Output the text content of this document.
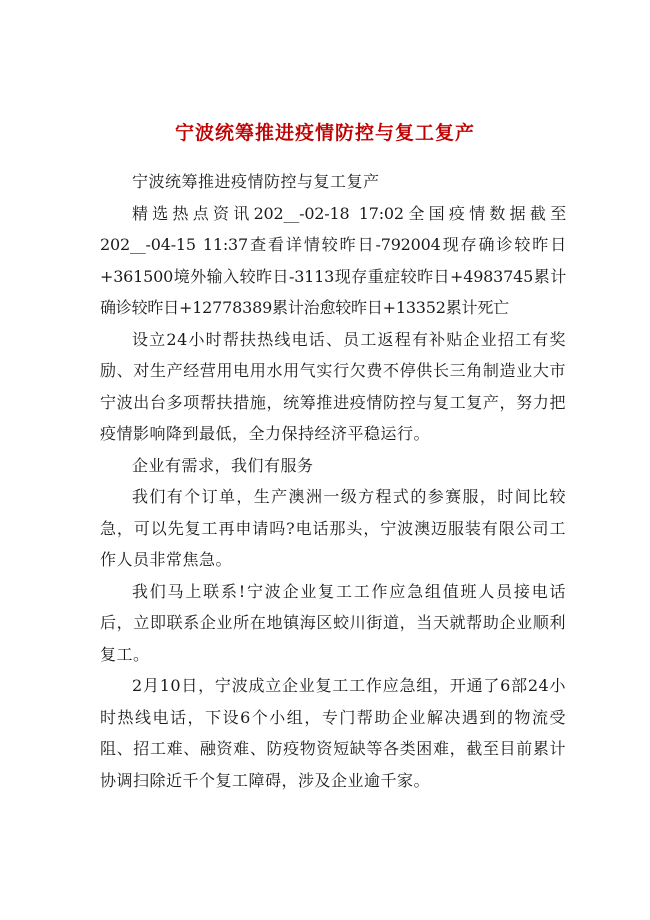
宁波统筹推进疫情防控与复工复产

宁波统筹推进疫情防控与复工复产

精选热点资讯202__-02-18 17:02全国疫情数据截至202__-04-15 11:37查看详情较昨日-792004现存确诊较昨日+361500境外输入较昨日-3113现存重症较昨日+4983745累计确诊较昨日+12778389累计治愈较昨日+13352累计死亡

设立24小时帮扶热线电话、员工返程有补贴企业招工有奖励、对生产经营用电用水用气实行欠费不停供长三角制造业大市宁波出台多项帮扶措施，统筹推进疫情防控与复工复产，努力把疫情影响降到最低，全力保持经济平稳运行。

企业有需求，我们有服务

我们有个订单，生产澳洲一级方程式的参赛服，时间比较急，可以先复工再申请吗?电话那头，宁波澳迈服装有限公司工作人员非常焦急。

我们马上联系!宁波企业复工工作应急组值班人员接电话后，立即联系企业所在地镇海区蛟川街道，当天就帮助企业顺利复工。

2月10日，宁波成立企业复工工作应急组，开通了6部24小时热线电话，下设6个小组，专门帮助企业解决遇到的物流受阻、招工难、融资难、防疫物资短缺等各类困难，截至目前累计协调扫除近千个复工障碍，涉及企业逾千家。
